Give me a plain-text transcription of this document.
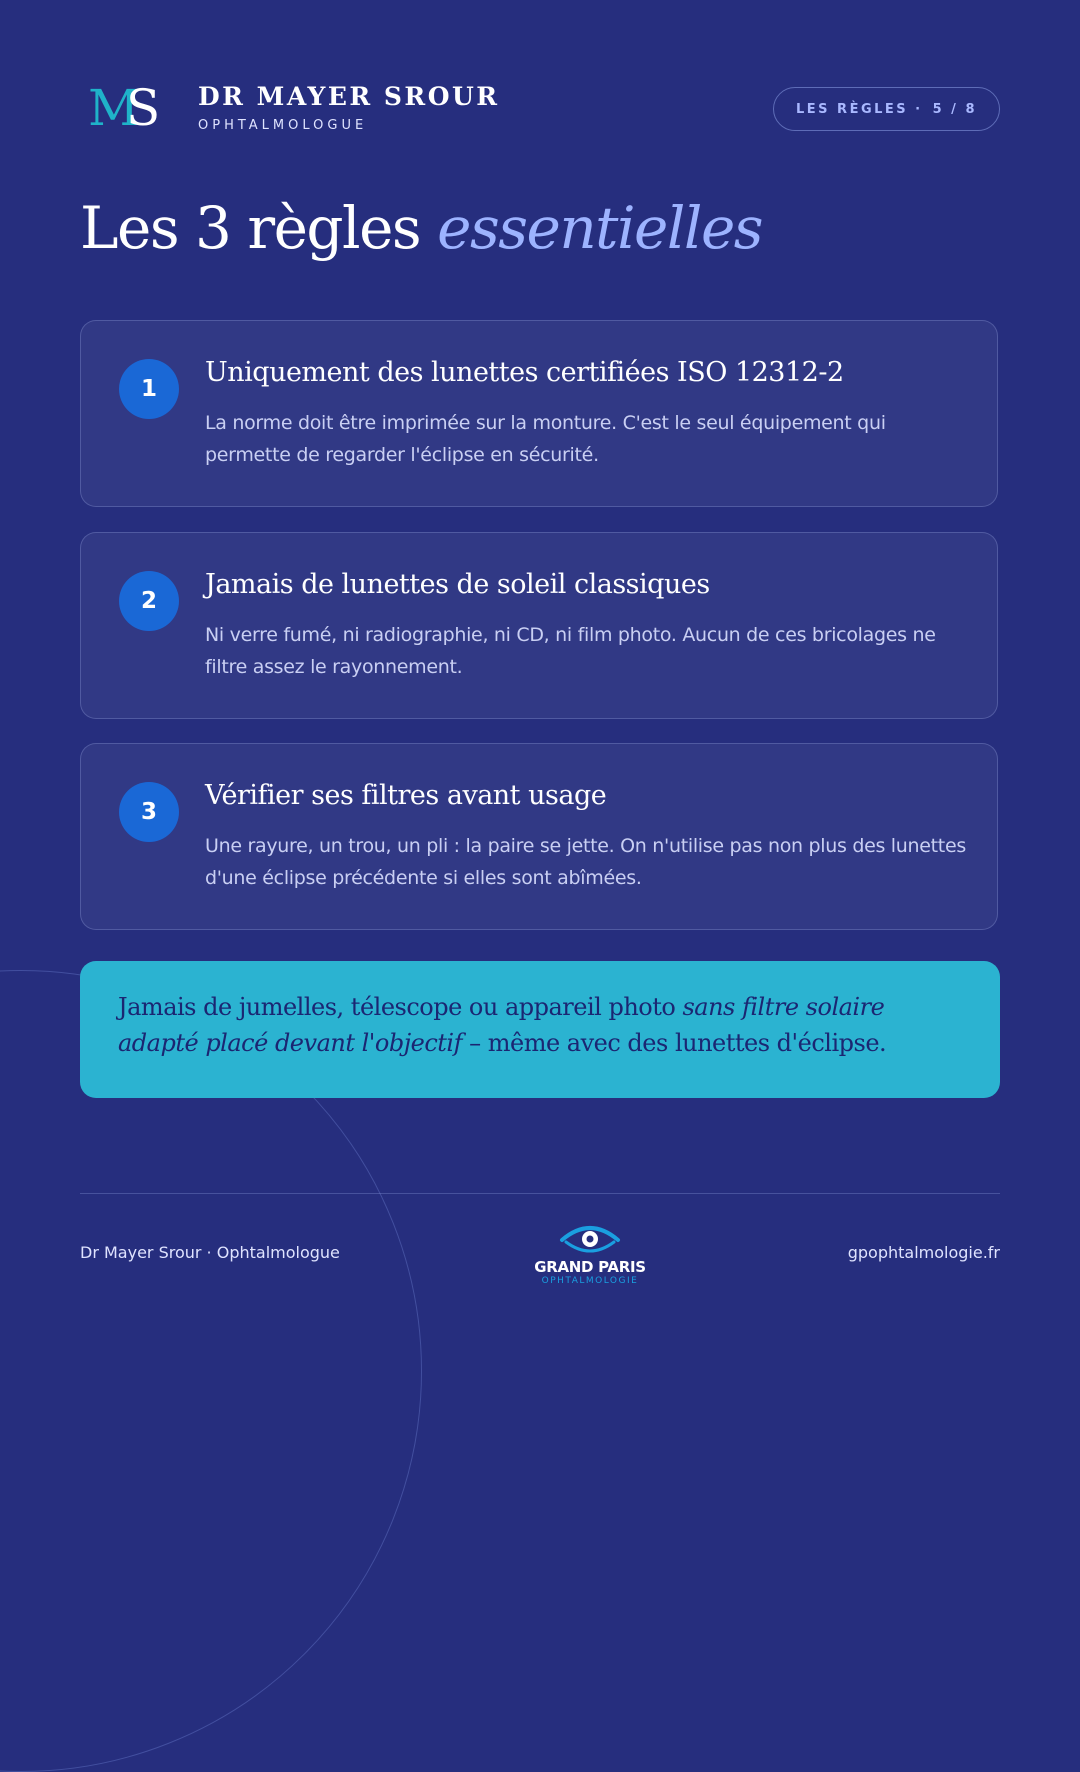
M
S DR MAYER SROUR
OPHTALMOLOGUE
LES RÈGLES · 5 / 8
Les 3 règles essentielles
1
Uniquement des lunettes certifiées ISO 12312-2
La norme doit être imprimée sur la monture. C'est le seul équipement qui permette de regarder l'éclipse en sécurité.
2
Jamais de lunettes de soleil classiques
Ni verre fumé, ni radiographie, ni CD, ni film photo. Aucun de ces bricolages ne filtre assez le rayonnement.
3
Vérifier ses filtres avant usage
Une rayure, un trou, un pli : la paire se jette. On n'utilise pas non plus des lunettes d'une éclipse précédente si elles sont abîmées.
Jamais de jumelles, télescope ou appareil photo sans filtre solaire adapté placé devant l'objectif – même avec des lunettes d'éclipse.
Dr Mayer Srour · Ophtalmologue
GRAND PARIS
OPHTALMOLOGIE
gpophtalmologie.fr
